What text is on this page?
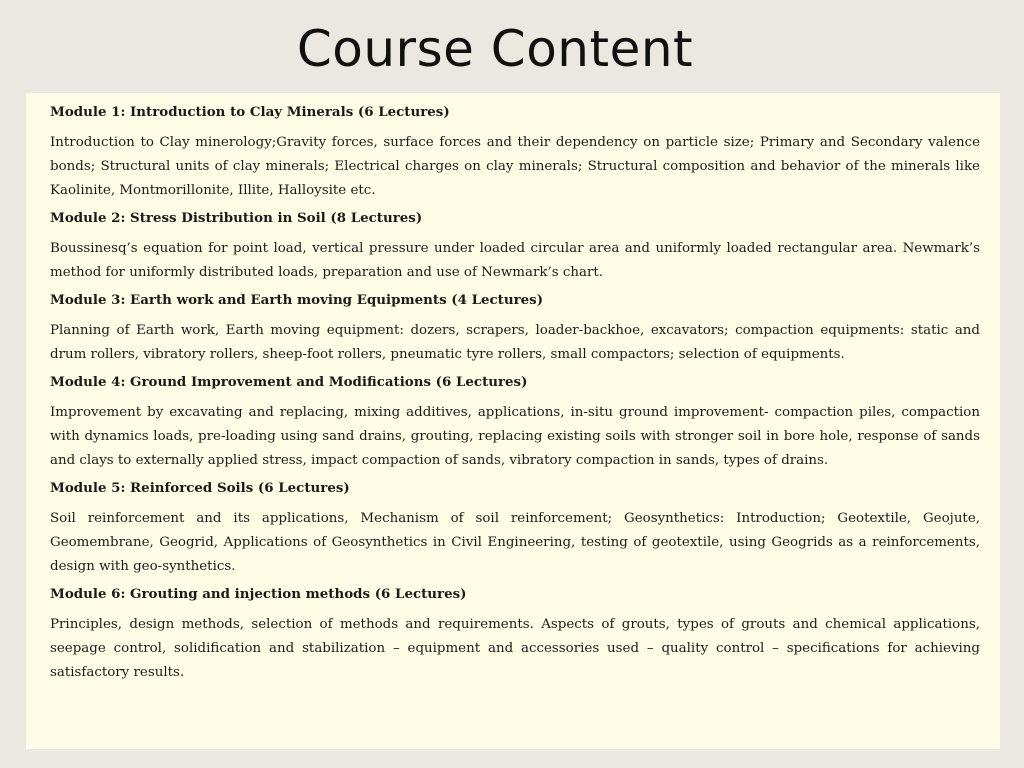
Course Content
Module 1: Introduction to Clay Minerals (6 Lectures)

Introduction to Clay minerology;Gravity forces, surface forces and their dependency on particle size; Primary and Secondary valence bonds; Structural units of clay minerals; Electrical charges on clay minerals; Structural composition and behavior of the minerals like Kaolinite, Montmorillonite, Illite, Halloysite etc.

Module 2: Stress Distribution in Soil (8 Lectures)

Boussinesq’s equation for point load, vertical pressure under loaded circular area and uniformly loaded rectangular area. Newmark’s method for uniformly distributed loads, preparation and use of Newmark’s chart.

Module 3: Earth work and Earth moving Equipments (4 Lectures)

Planning of Earth work, Earth moving equipment: dozers, scrapers, loader-backhoe, excavators; compaction equipments: static and drum rollers, vibratory rollers, sheep-foot rollers, pneumatic tyre rollers, small compactors; selection of equipments.

Module 4: Ground Improvement and Modifications (6 Lectures)

Improvement by excavating and replacing, mixing additives, applications, in-situ ground improvement- compaction piles, compaction with dynamics loads, pre-loading using sand drains, grouting, replacing existing soils with stronger soil in bore hole, response of sands and clays to externally applied stress, impact compaction of sands, vibratory compaction in sands, types of drains.

Module 5: Reinforced Soils (6 Lectures)

Soil reinforcement and its applications, Mechanism of soil reinforcement; Geosynthetics: Introduction; Geotextile, Geojute, Geomembrane, Geogrid, Applications of Geosynthetics in Civil Engineering, testing of geotextile, using Geogrids as a reinforcements, design with geo-synthetics.

Module 6: Grouting and injection methods (6 Lectures)

Principles, design methods, selection of methods and requirements. Aspects of grouts, types of grouts and chemical applications, seepage control, solidification and stabilization – equipment and accessories used – quality control – specifications for achieving satisfactory results.
